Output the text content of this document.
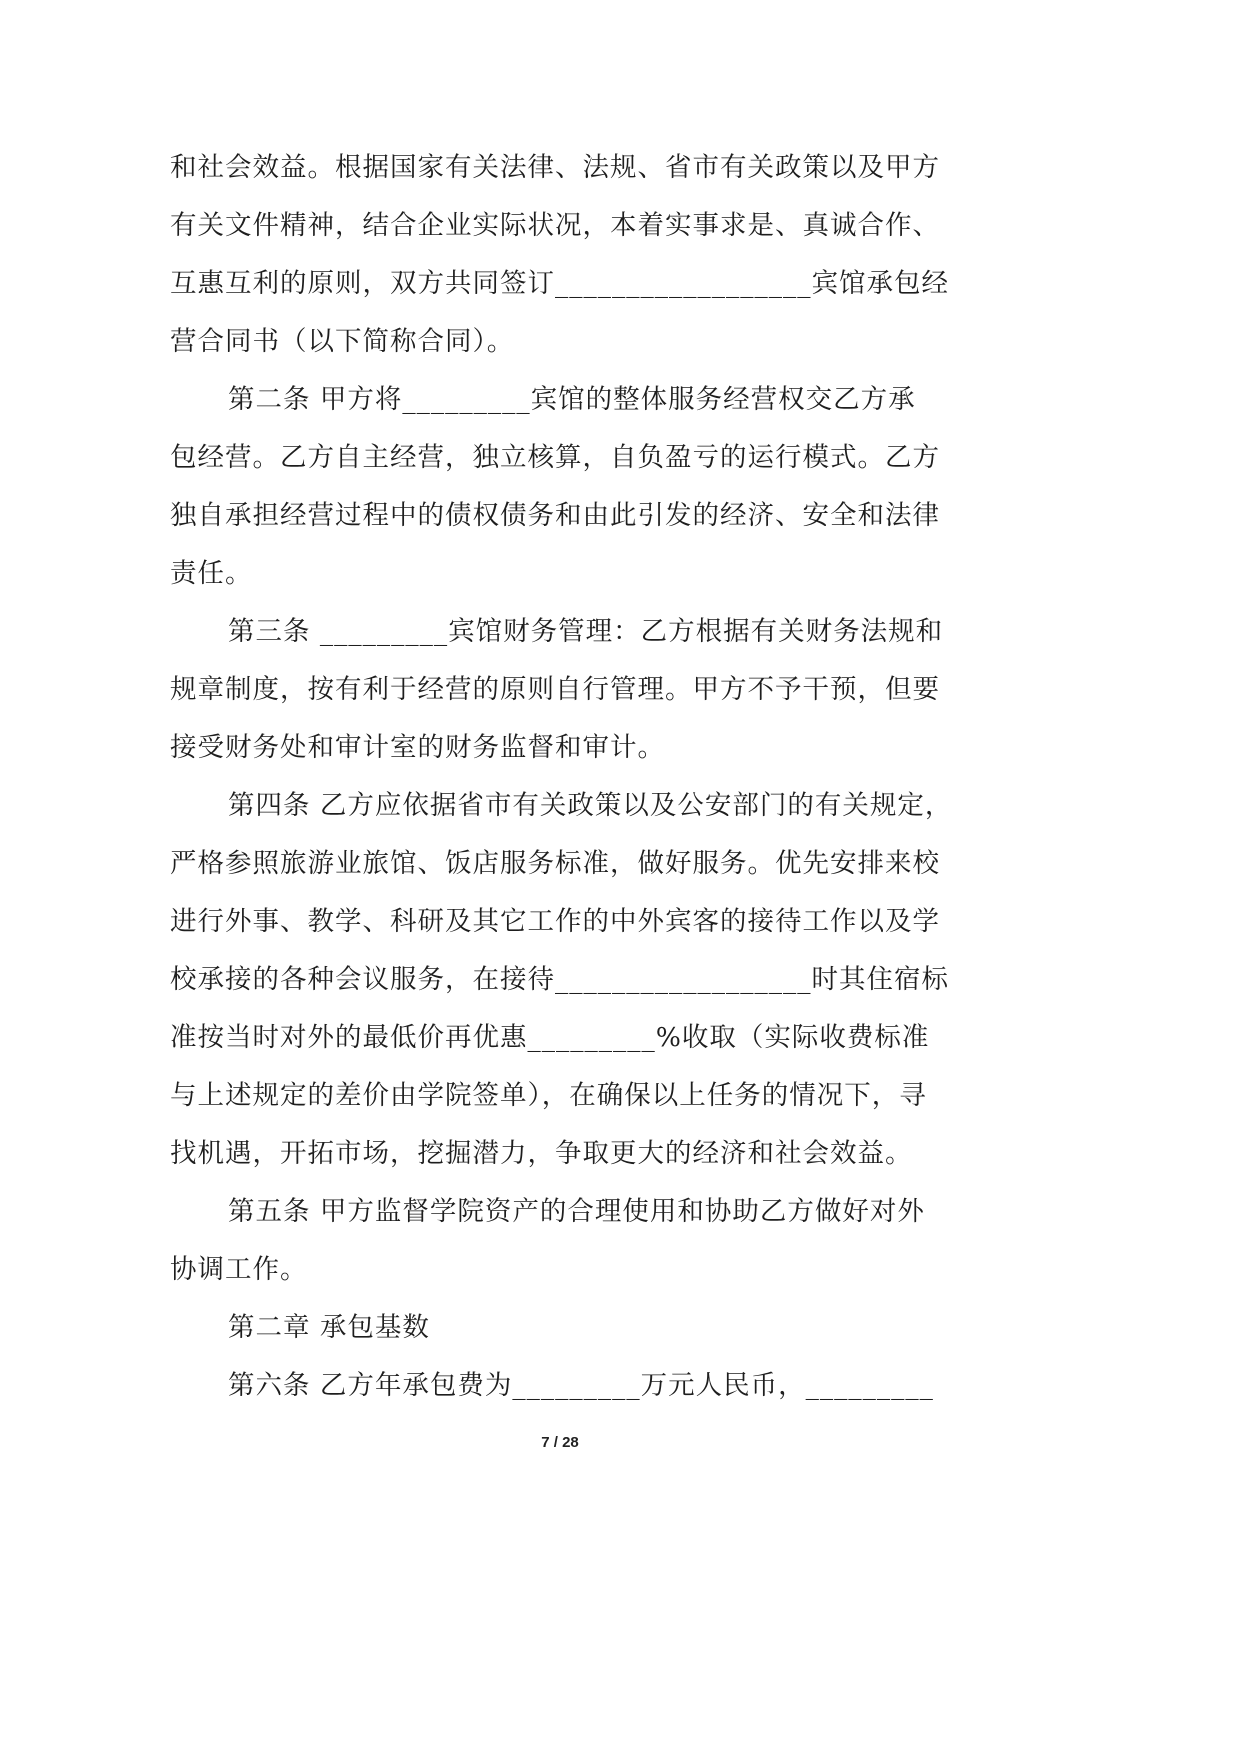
和社会效益。根据国家有关法律、法规、省市有关政策以及甲方
有关文件精神，结合企业实际状况，本着实事求是、真诚合作、
互惠互利的原则，双方共同签订__________________宾馆承包经
营合同书（以下简称合同）。
第二条 甲方将_________宾馆的整体服务经营权交乙方承
包经营。乙方自主经营，独立核算，自负盈亏的运行模式。乙方
独自承担经营过程中的债权债务和由此引发的经济、安全和法律
责任。
第三条 _________宾馆财务管理：乙方根据有关财务法规和
规章制度，按有利于经营的原则自行管理。甲方不予干预，但要
接受财务处和审计室的财务监督和审计。
第四条 乙方应依据省市有关政策以及公安部门的有关规定，
严格参照旅游业旅馆、饭店服务标准，做好服务。优先安排来校
进行外事、教学、科研及其它工作的中外宾客的接待工作以及学
校承接的各种会议服务，在接待__________________时其住宿标
准按当时对外的最低价再优惠_________%收取（实际收费标准
与上述规定的差价由学院签单），在确保以上任务的情况下，寻
找机遇，开拓市场，挖掘潜力，争取更大的经济和社会效益。
第五条 甲方监督学院资产的合理使用和协助乙方做好对外
协调工作。
第二章 承包基数
第六条 乙方年承包费为_________万元人民币，_________
7 / 28
